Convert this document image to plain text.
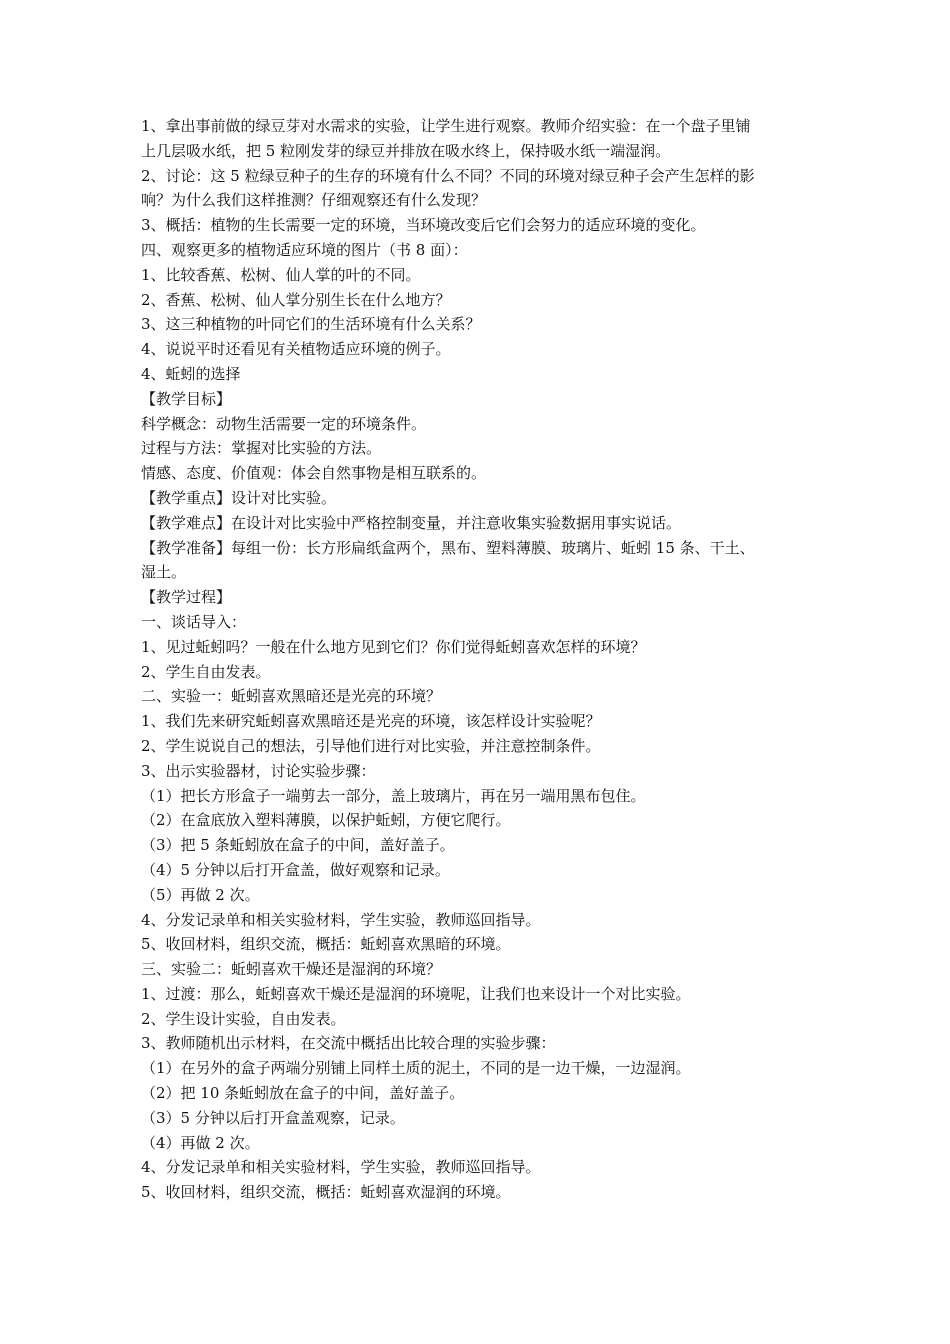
1、拿出事前做的绿豆芽对水需求的实验，让学生进行观察。教师介绍实验：在一个盘子里铺

上几层吸水纸，把 5 粒刚发芽的绿豆并排放在吸水终上，保持吸水纸一端湿润。

2、讨论：这 5 粒绿豆种子的生存的环境有什么不同？不同的环境对绿豆种子会产生怎样的影

响？为什么我们这样推测？仔细观察还有什么发现？

3、概括：植物的生长需要一定的环境，当环境改变后它们会努力的适应环境的变化。

四、观察更多的植物适应环境的图片（书 8 面）：

1、比较香蕉、松树、仙人掌的叶的不同。

2、香蕉、松树、仙人掌分别生长在什么地方？

3、这三种植物的叶同它们的生活环境有什么关系？

4、说说平时还看见有关植物适应环境的例子。

4、蚯蚓的选择

【教学目标】

科学概念：动物生活需要一定的环境条件。

过程与方法：掌握对比实验的方法。

情感、态度、价值观：体会自然事物是相互联系的。

【教学重点】设计对比实验。

【教学难点】在设计对比实验中严格控制变量，并注意收集实验数据用事实说话。

【教学准备】每组一份：长方形扁纸盒两个，黑布、塑料薄膜、玻璃片、蚯蚓 15 条、干土、

湿土。

【教学过程】

一、谈话导入：

1、见过蚯蚓吗？一般在什么地方见到它们？你们觉得蚯蚓喜欢怎样的环境？

2、学生自由发表。

二、实验一：蚯蚓喜欢黑暗还是光亮的环境？

1、我们先来研究蚯蚓喜欢黑暗还是光亮的环境，该怎样设计实验呢？

2、学生说说自己的想法，引导他们进行对比实验，并注意控制条件。

3、出示实验器材，讨论实验步骤：

（1）把长方形盒子一端剪去一部分，盖上玻璃片，再在另一端用黑布包住。

（2）在盒底放入塑料薄膜，以保护蚯蚓，方便它爬行。

（3）把 5 条蚯蚓放在盒子的中间，盖好盖子。

（4）5 分钟以后打开盒盖，做好观察和记录。

（5）再做 2 次。

4、分发记录单和相关实验材料，学生实验，教师巡回指导。

5、收回材料，组织交流，概括：蚯蚓喜欢黑暗的环境。

三、实验二：蚯蚓喜欢干燥还是湿润的环境？

1、过渡：那么，蚯蚓喜欢干燥还是湿润的环境呢，让我们也来设计一个对比实验。

2、学生设计实验，自由发表。

3、教师随机出示材料，在交流中概括出比较合理的实验步骤：

（1）在另外的盒子两端分别铺上同样土质的泥土，不同的是一边干燥，一边湿润。

（2）把 10 条蚯蚓放在盒子的中间，盖好盖子。

（3）5 分钟以后打开盒盖观察，记录。

（4）再做 2 次。

4、分发记录单和相关实验材料，学生实验，教师巡回指导。

5、收回材料，组织交流，概括：蚯蚓喜欢湿润的环境。
